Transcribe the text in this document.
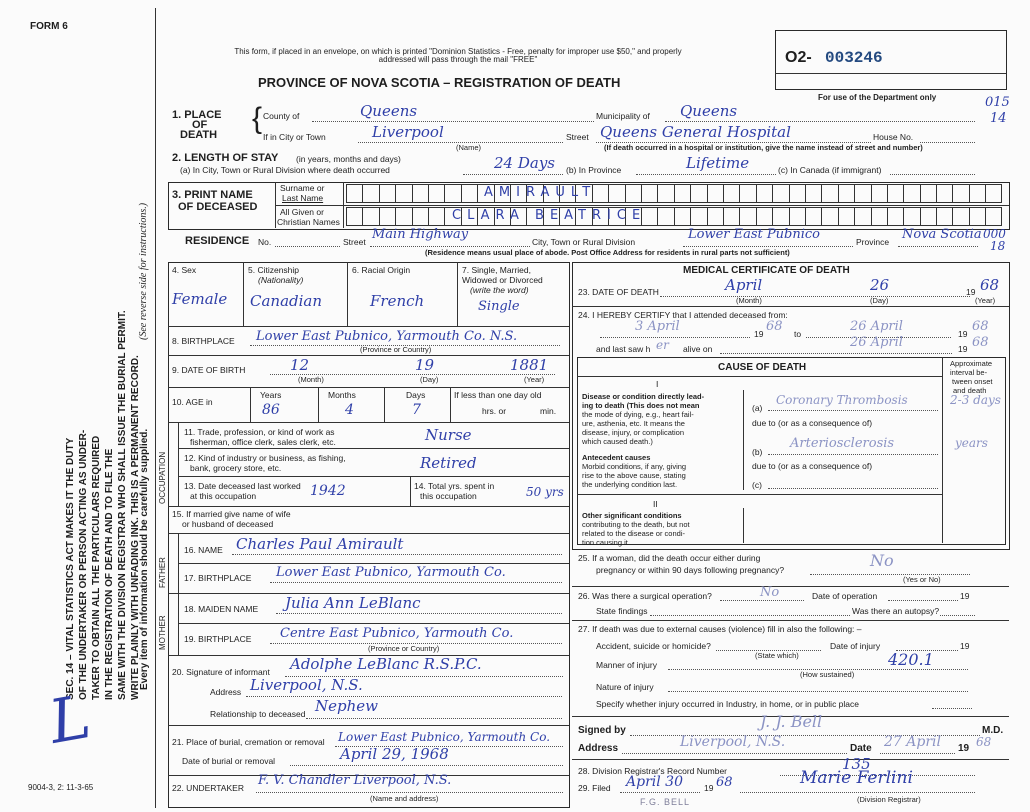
FORM 6
SEC. 14 – VITAL STATISTICS ACT MAKES IT THE DUTY OF THE UNDERTAKER OR PERSON ACTING AS UNDER- TAKER TO OBTAIN ALL THE PARTICULARS REQUIRED IN THE REGISTRATION OF DEATH AND TO FILE THE SAME WITH THE DIVISION REGISTRAR WHO SHALL ISSUE THE BURIAL PERMIT. WRITE PLAINLY WITH UNFADING INK. THIS IS A PERMANENT RECORD.
(See reverse side for instructions.)
Every item of information should be carefully supplied.
L
9004-3, 2: 11-3-65
This form, if placed in an envelope, on which is printed "Dominion Statistics - Free, penalty for improper use $50," and properly addressed will pass through the mail "FREE"
PROVINCE OF NOVA SCOTIA – REGISTRATION OF DEATH
O2- 003246
For use of the Department only	015
14
1. PLACE
OF
DEATH { County of	Queens	Municipality of Queens
If in City or Town	Liverpool
(Name)
Street Queens General Hospital	House No.
(If death occurred in a hospital or institution, give the name instead of street and number)
2. LENGTH OF STAY (in years, months and days)
(a) In City, Town or Rural Division where death occurred	24 Days (b) In Province	Lifetime	(c) In Canada (if immigrant)
3. PRINT NAME
OF DECEASED
Surname or
Last Name
All Given or
Christian Names
AMIRAULT
CLARA BEATRICE
RESIDENCE No.	Street Main Highway	City, Town or Rural Division	Lower East Pubnico	Province Nova Scotia 000
18
(Residence means usual place of abode. Post Office Address for residents in rural parts not sufficient)
4. Sex
Female
5. Citizenship
(Nationality)
Canadian
6. Racial Origin
French
7. Single, Married,
Widowed or Divorced
(write the word)
Single
8. BIRTHPLACE Lower East Pubnico, Yarmouth Co. N.S.
(Province or Country)
9. DATE OF BIRTH	12	19	1881
(Month)	(Day)	(Year)
10. AGE in
Years	Months	Days
86	4	7
If less than one day old
hrs. or	min.
OCCUPATION
11. Trade, profession, or kind of work as
fisherman, office clerk, sales clerk, etc.	Nurse
12. Kind of industry or business, as fishing,
bank, grocery store, etc.	Retired
13. Date deceased last worked
at this occupation	1942	14. Total yrs. spent in
this occupation	50 yrs
15. If married give name of wife
or husband of deceased
FATHER
16. NAME Charles Paul Amirault
17. BIRTHPLACE Lower East Pubnico, Yarmouth Co.
MOTHER
18. MAIDEN NAME Julia Ann LeBlanc
19. BIRTHPLACE Centre East Pubnico, Yarmouth Co.
(Province or Country)
20. Signature of informant Adolphe LeBlanc R.S.P.C.
Address Liverpool, N.S.
Relationship to deceased Nephew
21. Place of burial, cremation or removal Lower East Pubnico, Yarmouth Co.
Date of burial or removal	April 29, 1968
22. UNDERTAKER F. V. Chandler Liverpool, N.S.
(Name and address)
MEDICAL CERTIFICATE OF DEATH
23. DATE OF DEATH	April	26	19 68
(Month)	(Day)	(Year)
24. I HEREBY CERTIFY that I attended deceased from:
3 April	19 68 to	26 April	19 68
and last saw h er alive on	26 April	19 68
CAUSE OF DEATH	Approximate
interval be-
tween onset
and death
I
Disease or condition directly lead-
ing to death (This does not mean
the mode of dying, e.g., heart fail-
ure, asthenia, etc. It means the
disease, injury, or complication
which caused death.)
(a)
Coronary Thrombosis	2-3 days
due to (or as a consequence of)
Antecedent causes
Morbid conditions, if any, giving
rise to the above cause, stating
the underlying condition last.
(b)
Arteriosclerosis	years
due to (or as a consequence of)
(c)
II
Other significant conditions
contributing to the death, but not
related to the disease or condi-
tion causing it.
25. If a woman, did the death occur either during
pregnancy or within 90 days following pregnancy?	No
(Yes or No)
26. Was there a surgical operation?	No	Date of operation	19
State findings	Was there an autopsy?
27. If death was due to external causes (violence) fill in also the following: –
Accident, suicide or homicide?
(State which)
Date of injury	19
Manner of injury	420.1
(How sustained)
Nature of injury
Specify whether injury occurred in Industry, in home, or in public place
Signed by	J. J. Bell	M.D.
Address	Liverpool, N.S.	Date 27 April 19 68
28. Division Registrar's Record Number	135
29. Filed April 30 19 68	Marie Ferlini
(Division Registrar)
F.G. BELL
